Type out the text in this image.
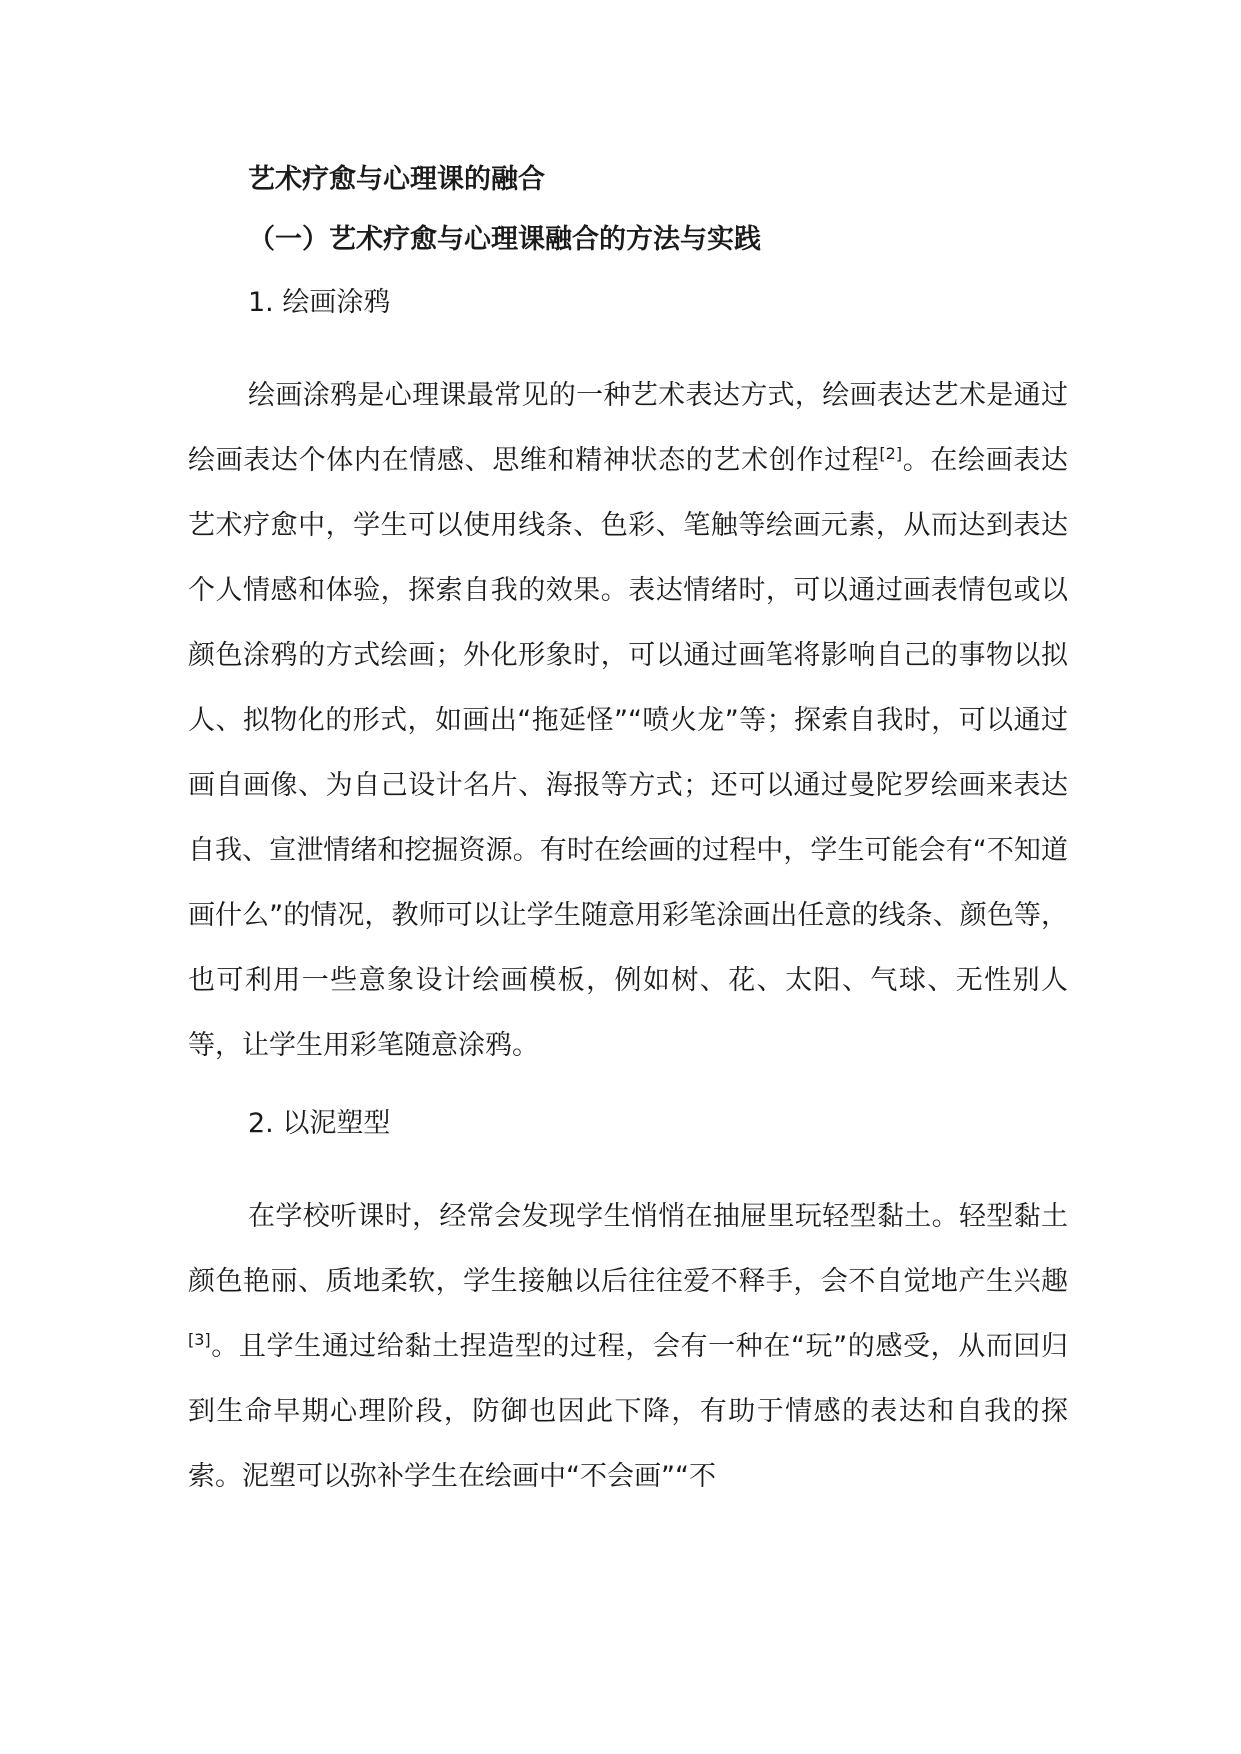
艺术疗愈与心理课的融合

（一）艺术疗愈与心理课融合的方法与实践

1. 绘画涂鸦

绘画涂鸦是心理课最常见的一种艺术表达方式，绘画表达艺术是通过绘画表达个体内在情感、思维和精神状态的艺术创作过程[2]。在绘画表达艺术疗愈中，学生可以使用线条、色彩、笔触等绘画元素，从而达到表达个人情感和体验，探索自我的效果。表达情绪时，可以通过画表情包或以颜色涂鸦的方式绘画；外化形象时，可以通过画笔将影响自己的事物以拟人、拟物化的形式，如画出“拖延怪”“喷火龙”等；探索自我时，可以通过画自画像、为自己设计名片、海报等方式；还可以通过曼陀罗绘画来表达自我、宣泄情绪和挖掘资源。有时在绘画的过程中，学生可能会有“不知道画什么”的情况，教师可以让学生随意用彩笔涂画出任意的线条、颜色等，也可利用一些意象设计绘画模板，例如树、花、太阳、气球、无性别人等，让学生用彩笔随意涂鸦。

2. 以泥塑型

在学校听课时，经常会发现学生悄悄在抽屉里玩轻型黏土。轻型黏土颜色艳丽、质地柔软，学生接触以后往往爱不释手，会不自觉地产生兴趣[3]。且学生通过给黏土捏造型的过程，会有一种在“玩”的感受，从而回归到生命早期心理阶段，防御也因此下降，有助于情感的表达和自我的探索。泥塑可以弥补学生在绘画中“不会画”“不
